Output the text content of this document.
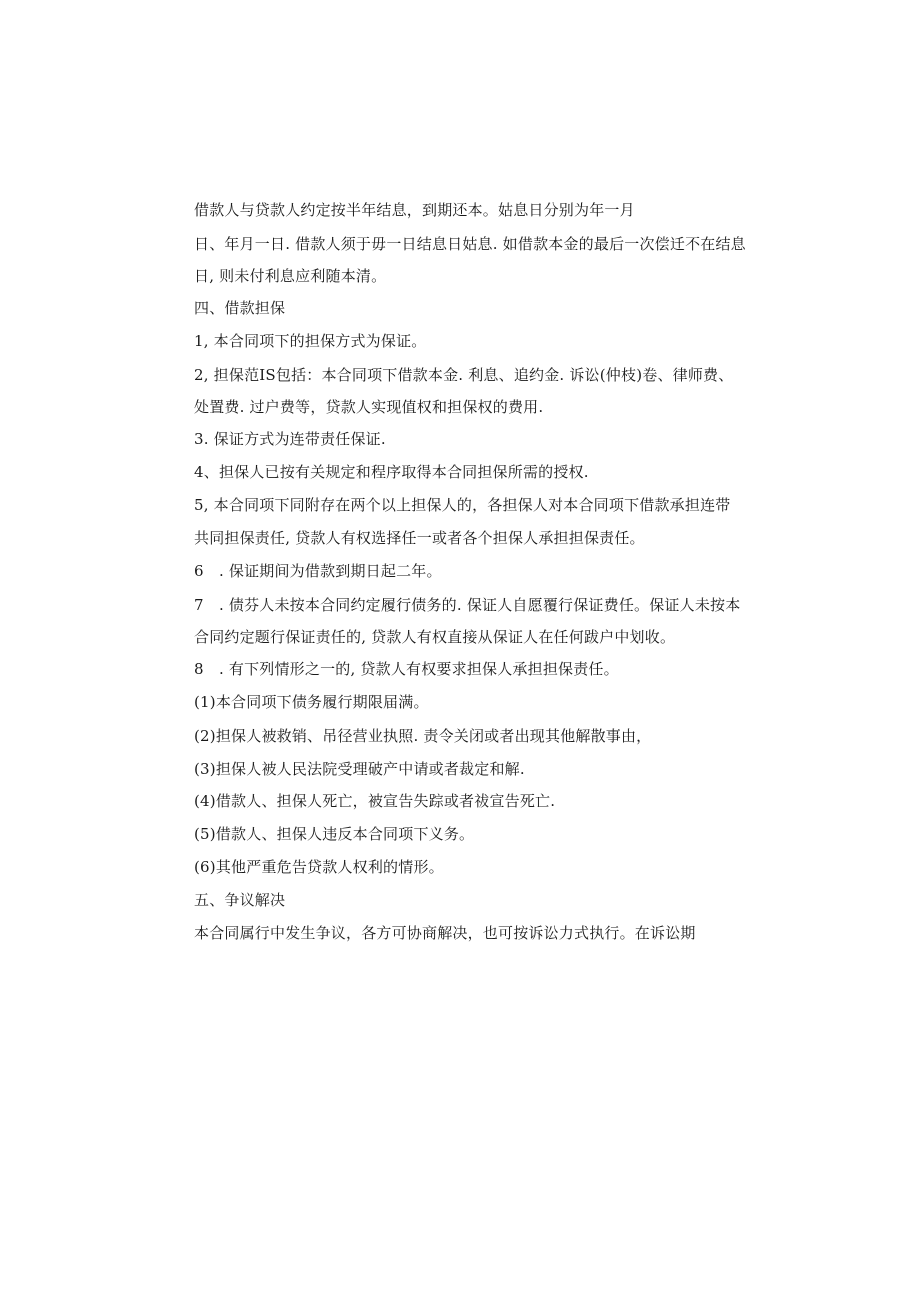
借款人与贷款人约定按半年结息，到期还本。姑息日分别为年一月
日、年月一日. 借款人须于毋一日结息日姑息. 如借款本金的最后一次偿迁不在结息
日, 则未付利息应利随本清。
四、借款担保
1, 本合同项下的担保方式为保证。
2, 担保范IS包括：本合同项下借款本金. 利息、追约金. 诉讼(仲枝)卷、律师费、
处置费. 过户费等，贷款人实现值权和担保权的费用.
3. 保证方式为连带责任保证.
4、担保人已按有关规定和程序取得本合同担保所需的授权.
5, 本合同项下同附存在两个以上担保人的，各担保人对本合同项下借款承担连带
共同担保责任, 贷款人有权选择任一或者各个担保人承担担保责任。
6　. 保证期间为借款到期日起二年。
7　. 债芬人未按本合同约定履行债务的. 保证人自愿覆行保证费任。保证人未按本
合同约定题行保证责任的, 贷款人有权直接从保证人在任何跋户中划收。
8　. 有下列情形之一的, 贷款人有权要求担保人承担担保责任。
(1)本合同项下债务履行期限届满。
(2)担保人被救销、吊径营业执照. 责令关闭或者出现其他解散事由，
(3)担保人被人民法院受理破产中请或者裁定和解.
(4)借款人、担保人死亡，被宣告失踪或者祓宣告死亡.
(5)借款人、担保人违反本合同项下义务。
(6)其他严重危告贷款人权利的情形。
五、争议解决
本合同属行中发生争议，各方可协商解决，也可按诉讼力式执行。在诉讼期
